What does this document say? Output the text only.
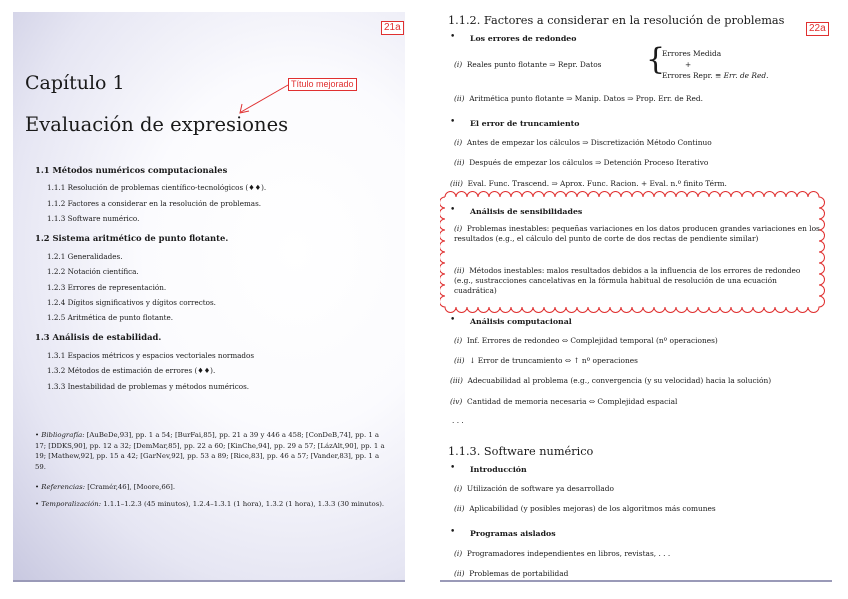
21a
Capítulo 1
Evaluación de expresiones
Título mejorado
1.1 Métodos numéricos computacionales
1.1.1 Resolución de problemas científico-tecnológicos (♦♦).
1.1.2 Factores a considerar en la resolución de problemas.
1.1.3 Software numérico.
1.2 Sistema aritmético de punto flotante.
1.2.1 Generalidades.
1.2.2 Notación científica.
1.2.3 Errores de representación.
1.2.4 Dígitos significativos y dígitos correctos.
1.2.5 Aritmética de punto flotante.
1.3 Análisis de estabilidad.
1.3.1 Espacios métricos y espacios vectoriales normados
1.3.2 Métodos de estimación de errores (♦♦).
1.3.3 Inestabilidad de problemas y métodos numéricos.
• Bibliografía: [AuBeDe,93], pp. 1 a 54; [BurFai,85], pp. 21 a 39 y 446 a 458; [ConDeB,74], pp. 1 a 17; [DDKS,90], pp. 12 a 32; [DemMar,85], pp. 22 a 60; [KinChe,94], pp. 29 a 57; [LázAlt,90], pp. 1 a 19; [Mathew,92], pp. 15 a 42; [GarNev,92], pp. 53 a 89; [Rice,83], pp. 46 a 57; [Vander,83], pp. 1 a 59.
• Referencias: [Cramér,46], [Moore,66].
• Temporalización: 1.1.1–1.2.3 (45 minutos), 1.2.4–1.3.1 (1 hora), 1.3.2 (1 hora), 1.3.3 (30 minutos).
22a
1.1.2. Factores a considerar en la resolución de problemas
• Los errores de redondeo
(i) Reales punto flotante ⇒ Repr. Datos {
Errores Medida
+
Errores Repr. ≡ Err. de Red.
(ii) Aritmética punto flotante ⇒ Manip. Datos ⇒ Prop. Err. de Red.
• El error de truncamiento
(i) Antes de empezar los cálculos ⇒ Discretización Método Continuo
(ii) Después de empezar los cálculos ⇒ Detención Proceso Iterativo
(iii) Eval. Func. Trascend. ⇒ Aprox. Func. Racion. + Eval. n.º finito Térm.
• Análisis de sensibilidades
(i) Problemas inestables: pequeñas variaciones en los datos producen grandes variaciones en los resultados (e.g., el cálculo del punto de corte de dos rectas de pendiente similar)
(ii) Métodos inestables: malos resultados debidos a la influencia de los errores de redondeo (e.g., sustracciones cancelativas en la fórmula habitual de resolución de una ecuación cuadrática)
• Análisis computacional
(i) Inf. Errores de redondeo ⇔ Complejidad temporal (nº operaciones)
(ii) ↓ Error de truncamiento ⇔ ↑ nº operaciones
(iii) Adecuabilidad al problema (e.g., convergencia (y su velocidad) hacia la solución)
(iv) Cantidad de memoria necesaria ⇔ Complejidad espacial
· · ·
1.1.3. Software numérico
• Introducción
(i) Utilización de software ya desarrollado
(ii) Aplicabilidad (y posibles mejoras) de los algoritmos más comunes
• Programas aislados
(i) Programadores independientes en libros, revistas, . . .
(ii) Problemas de portabilidad
